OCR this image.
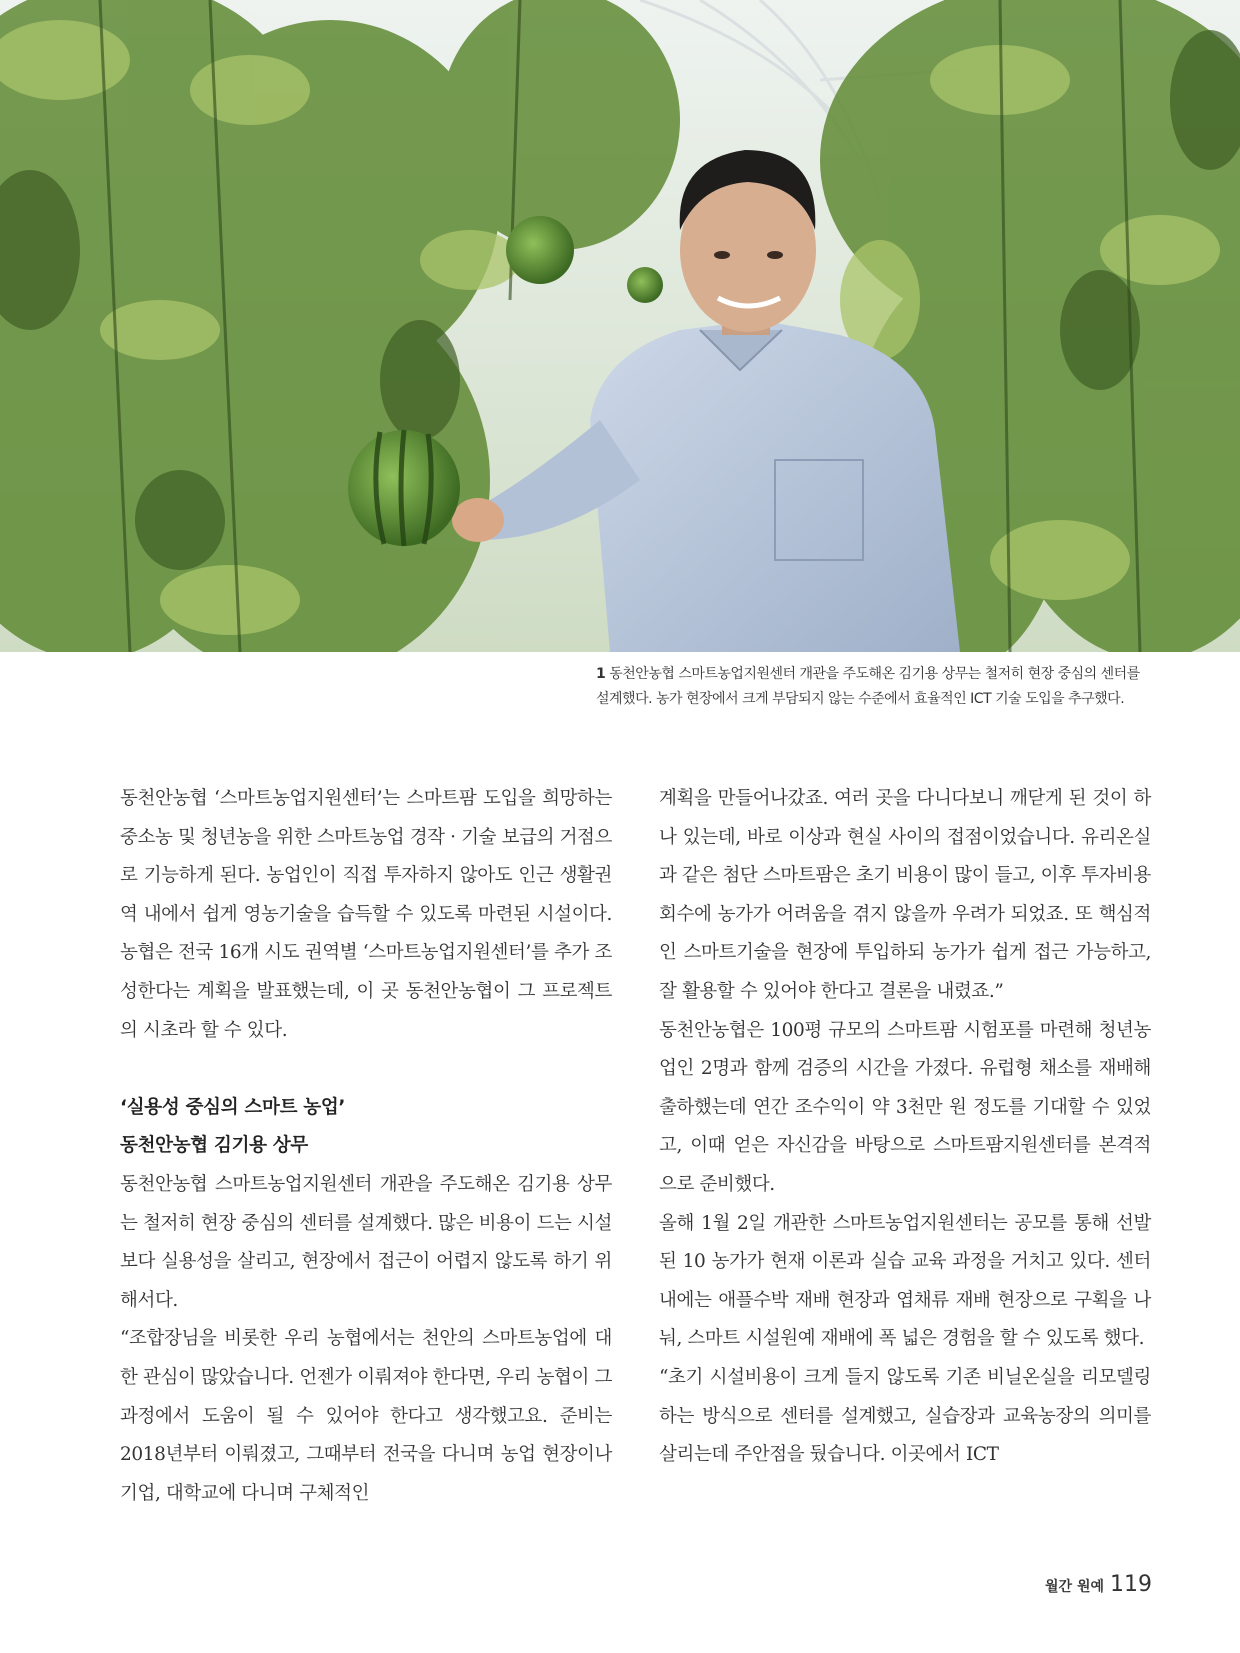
1 동천안농협 스마트농업지원센터 개관을 주도해온 김기용 상무는 철저히 현장 중심의 센터를 설계했다. 농가 현장에서 크게 부담되지 않는 수준에서 효율적인 ICT 기술 도입을 추구했다.

동천안농협 ‘스마트농업지원센터’는 스마트팜 도입을 희망하는 중소농 및 청년농을 위한 스마트농업 경작 · 기술 보급의 거점으로 기능하게 된다. 농업인이 직접 투자하지 않아도 인근 생활권역 내에서 쉽게 영농기술을 습득할 수 있도록 마련된 시설이다. 농협은 전국 16개 시도 권역별 ‘스마트농업지원센터’를 추가 조성한다는 계획을 발표했는데, 이 곳 동천안농협이 그 프로젝트의 시초라 할 수 있다.

‘실용성 중심의 스마트 농업’
동천안농협 김기용 상무

동천안농협 스마트농업지원센터 개관을 주도해온 김기용 상무는 철저히 현장 중심의 센터를 설계했다. 많은 비용이 드는 시설보다 실용성을 살리고, 현장에서 접근이 어렵지 않도록 하기 위해서다.

“조합장님을 비롯한 우리 농협에서는 천안의 스마트농업에 대한 관심이 많았습니다. 언젠가 이뤄져야 한다면, 우리 농협이 그 과정에서 도움이 될 수 있어야 한다고 생각했고요. 준비는 2018년부터 이뤄졌고, 그때부터 전국을 다니며 농업 현장이나 기업, 대학교에 다니며 구체적인

계획을 만들어나갔죠. 여러 곳을 다니다보니 깨닫게 된 것이 하나 있는데, 바로 이상과 현실 사이의 접점이었습니다. 유리온실과 같은 첨단 스마트팜은 초기 비용이 많이 들고, 이후 투자비용 회수에 농가가 어려움을 겪지 않을까 우려가 되었죠. 또 핵심적인 스마트기술을 현장에 투입하되 농가가 쉽게 접근 가능하고, 잘 활용할 수 있어야 한다고 결론을 내렸죠.”

동천안농협은 100평 규모의 스마트팜 시험포를 마련해 청년농업인 2명과 함께 검증의 시간을 가졌다. 유럽형 채소를 재배해 출하했는데 연간 조수익이 약 3천만 원 정도를 기대할 수 있었고, 이때 얻은 자신감을 바탕으로 스마트팜지원센터를 본격적으로 준비했다.

올해 1월 2일 개관한 스마트농업지원센터는 공모를 통해 선발된 10 농가가 현재 이론과 실습 교육 과정을 거치고 있다. 센터 내에는 애플수박 재배 현장과 엽채류 재배 현장으로 구획을 나눠, 스마트 시설원예 재배에 폭 넓은 경험을 할 수 있도록 했다.

“초기 시설비용이 크게 들지 않도록 기존 비닐온실을 리모델링하는 방식으로 센터를 설계했고, 실습장과 교육농장의 의미를 살리는데 주안점을 뒀습니다. 이곳에서 ICT

월간 원예 119
